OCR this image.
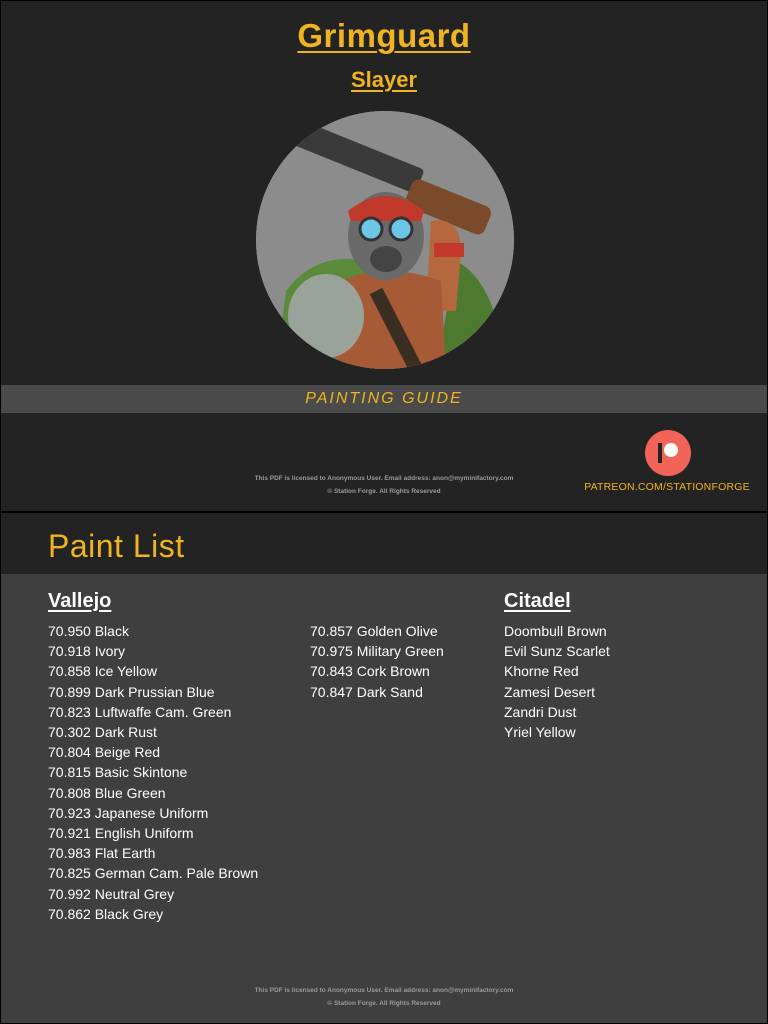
Grimguard
Slayer
PAINTING GUIDE
This PDF is licensed to Anonymous User. Email address: anon@myminifactory.com
© Station Forge. All Rights Reserved	PATREON.COM/STATIONFORGE
Paint List
Vallejo
70.950 Black
70.918 Ivory
70.858 Ice Yellow
70.899 Dark Prussian Blue
70.823 Luftwaffe Cam. Green
70.302 Dark Rust
70.804 Beige Red
70.815 Basic Skintone
70.808 Blue Green
70.923 Japanese Uniform
70.921 English Uniform
70.983 Flat Earth
70.825 German Cam. Pale Brown
70.992 Neutral Grey
70.862 Black Grey
70.857 Golden Olive
70.975 Military Green
70.843 Cork Brown
70.847 Dark Sand
Citadel
Doombull Brown
Evil Sunz Scarlet
Khorne Red
Zamesi Desert
Zandri Dust
Yriel Yellow
This PDF is licensed to Anonymous User. Email address: anon@myminifactory.com
© Station Forge. All Rights Reserved
